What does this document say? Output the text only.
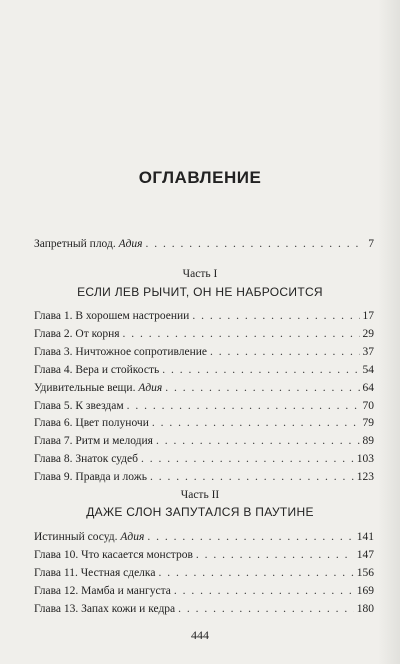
ОГЛАВЛЕНИЕ
Запретный плод. Адия . . .	7
Часть I
ЕСЛИ ЛЕВ РЫЧИТ, ОН НЕ НАБРОСИТСЯ
Глава 1. В хорошем настроении . . .	17
Глава 2. От корня . . .	29
Глава 3. Ничтожное сопротивление . . .	37
Глава 4. Вера и стойкость . . .	54
Удивительные вещи. Адия . . .	64
Глава 5. К звездам . . .	70
Глава 6. Цвет полуночи . . .	79
Глава 7. Ритм и мелодия . . .	89
Глава 8. Знаток судеб . . .	103
Глава 9. Правда и ложь . . .	123
Часть II
ДАЖЕ СЛОН ЗАПУТАЛСЯ В ПАУТИНЕ
Истинный сосуд. Адия . . .	141
Глава 10. Что касается монстров . . .	147
Глава 11. Честная сделка . . .	156
Глава 12. Мамба и мангуста . . .	169
Глава 13. Запах кожи и кедра . . .	180
444
